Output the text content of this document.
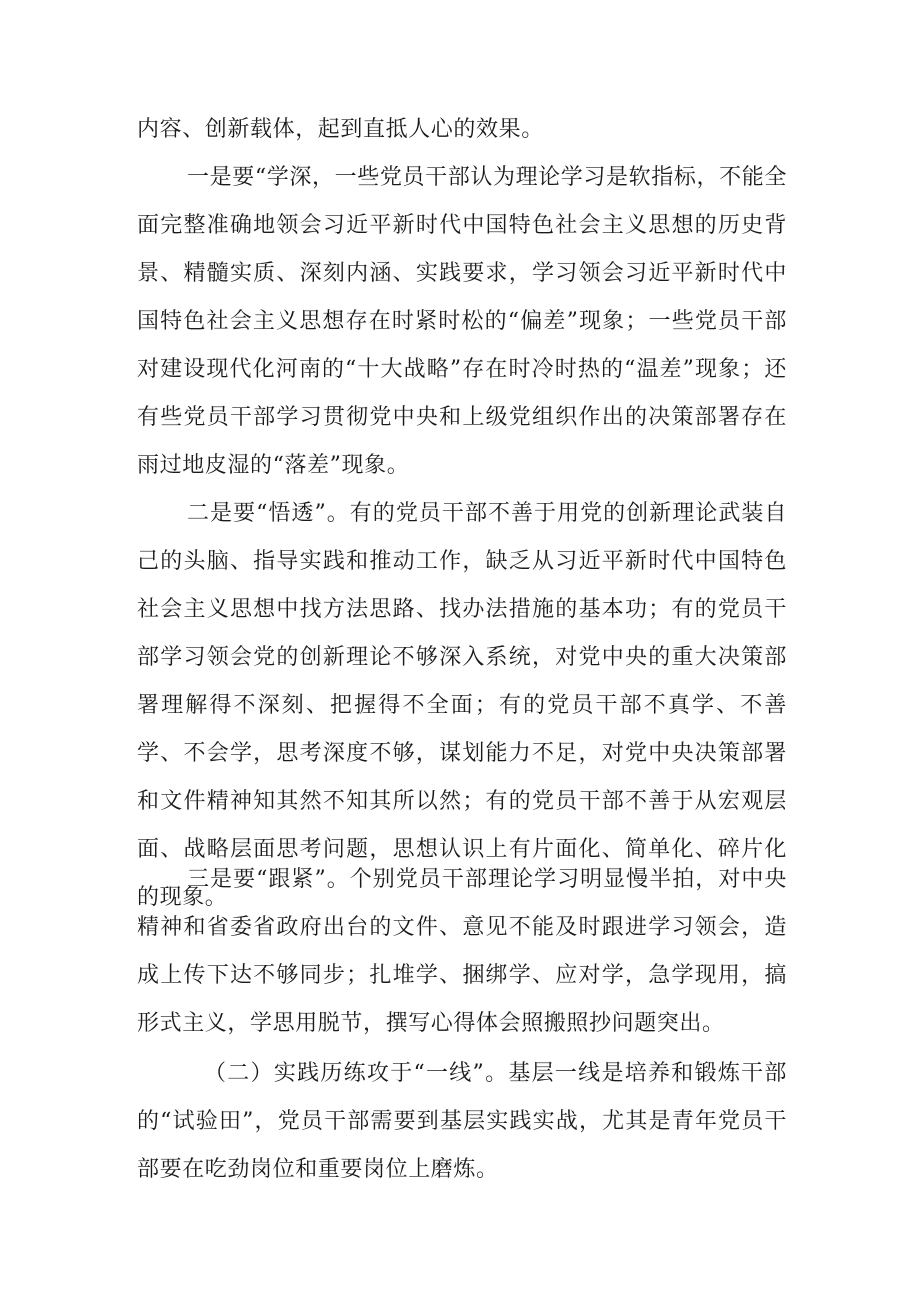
内容、创新载体，起到直抵人心的效果。

一是要“学深，一些党员干部认为理论学习是软指标，不能全面完整准确地领会习近平新时代中国特色社会主义思想的历史背景、精髓实质、深刻内涵、实践要求，学习领会习近平新时代中国特色社会主义思想存在时紧时松的“偏差”现象；一些党员干部对建设现代化河南的“十大战略”存在时冷时热的“温差”现象；还有些党员干部学习贯彻党中央和上级党组织作出的决策部署存在雨过地皮湿的“落差”现象。

二是要“悟透”。有的党员干部不善于用党的创新理论武装自己的头脑、指导实践和推动工作，缺乏从习近平新时代中国特色社会主义思想中找方法思路、找办法措施的基本功；有的党员干部学习领会党的创新理论不够深入系统，对党中央的重大决策部署理解得不深刻、把握得不全面；有的党员干部不真学、不善学、不会学，思考深度不够，谋划能力不足，对党中央决策部署和文件精神知其然不知其所以然；有的党员干部不善于从宏观层面、战略层面思考问题，思想认识上有片面化、简单化、碎片化的现象。

三是要“跟紧”。个别党员干部理论学习明显慢半拍，对中央精神和省委省政府出台的文件、意见不能及时跟进学习领会，造成上传下达不够同步；扎堆学、捆绑学、应对学，急学现用，搞形式主义，学思用脱节，撰写心得体会照搬照抄问题突出。

（二）实践历练攻于“一线”。基层一线是培养和锻炼干部的“试验田”，党员干部需要到基层实践实战，尤其是青年党员干部要在吃劲岗位和重要岗位上磨炼。
